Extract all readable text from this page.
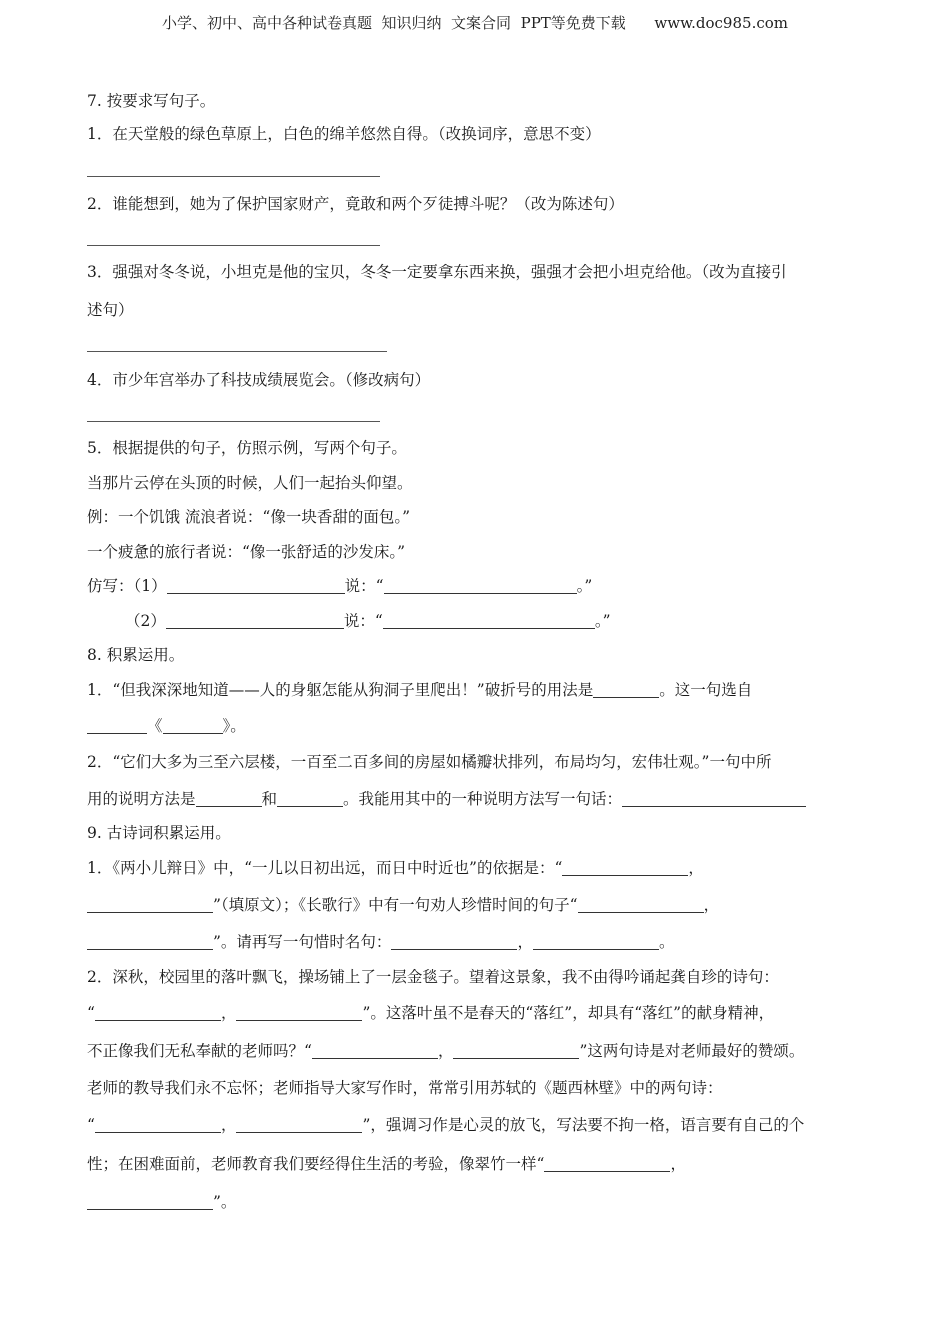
小学、初中、高中各种试卷真题  知识归纳  文案合同  PPT等免费下载      www.doc985.com
7. 按要求写句子。
1．在天堂般的绿色草原上，白色的绵羊悠然自得。（改换词序，意思不变）
2．谁能想到，她为了保护国家财产，竟敢和两个歹徒搏斗呢？（改为陈述句）
3．强强对冬冬说，小坦克是他的宝贝，冬冬一定要拿东西来换，强强才会把小坦克给他。（改为直接引
述句）
4．市少年宫举办了科技成绩展览会。（修改病句）
5．根据提供的句子，仿照示例，写两个句子。
当那片云停在头顶的时候，人们一起抬头仰望。
例：一个饥饿 流浪者说：“像一块香甜的面包。”
一个疲惫的旅行者说：“像一张舒适的沙发床。”
仿写：（1）	说：“	。”
（2）	说：“	。”
8. 积累运用。
1．“但我深深地知道——人的身躯怎能从狗洞子里爬出！”破折号的用法是	。这一句选自
《	》。
2．“它们大多为三至六层楼，一百至二百多间的房屋如橘瓣状排列，布局均匀，宏伟壮观。”一句中所
用的说明方法是	和	。我能用其中的一种说明方法写一句话：
9. 古诗词积累运用。
1．《两小儿辩日》中，“一儿以日初出远，而日中时近也”的依据是：“	，
”（填原文）；《长歌行》中有一句劝人珍惜时间的句子“	，
”。请再写一句惜时名句：	，	。
2．深秋，校园里的落叶飘飞，操场铺上了一层金毯子。望着这景象，我不由得吟诵起龚自珍的诗句：
“	，	”。这落叶虽不是春天的“落红”，却具有“落红”的献身精神，
不正像我们无私奉献的老师吗？“	，	”这两句诗是对老师最好的赞颂。
老师的教导我们永不忘怀；老师指导大家写作时，常常引用苏轼的《题西林壁》中的两句诗：
“	，	”，强调习作是心灵的放飞，写法要不拘一格，语言要有自己的个
性；在困难面前，老师教育我们要经得住生活的考验，像翠竹一样“	，
”。
